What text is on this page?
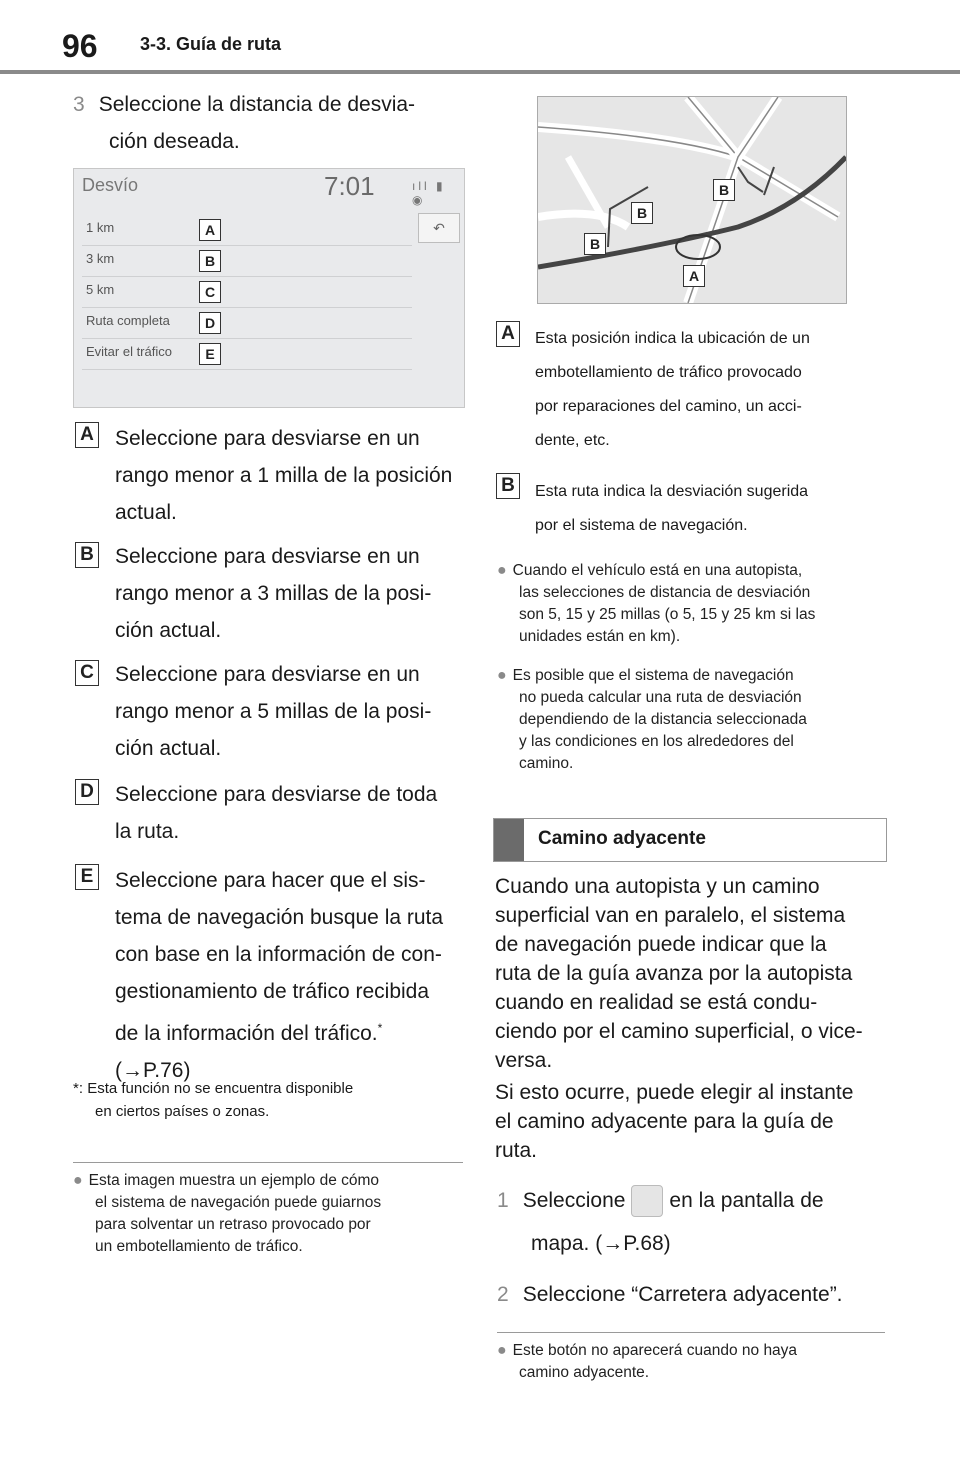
96 3-3. Guía de ruta
3 Seleccione la distancia de desvia-
ción deseada.
Desvío	7:01	ıll ▮ ◉
↶
1 km	A
3 km	B
5 km	C
Ruta completa	D
Evitar el tráfico	E
A Seleccione para desviarse en un
rango menor a 1 milla de la posición
actual.
B Seleccione para desviarse en un
rango menor a 3 millas de la posi-
ción actual.
C Seleccione para desviarse en un
rango menor a 5 millas de la posi-
ción actual.
D Seleccione para desviarse de toda
la ruta.
E Seleccione para hacer que el sis-
tema de navegación busque la ruta
con base en la información de con-
gestionamiento de tráfico recibida
de la información del tráfico.*
(→P.76)
*: Esta función no se encuentra disponible
en ciertos países o zonas.
● Esta imagen muestra un ejemplo de cómo
el sistema de navegación puede guiarnos
para solventar un retraso provocado por
un embotellamiento de tráfico.
B
B
B
A
A	Esta posición indica la ubicación de un
embotellamiento de tráfico provocado
por reparaciones del camino, un acci-
dente, etc.
B	Esta ruta indica la desviación sugerida
por el sistema de navegación.
● Cuando el vehículo está en una autopista,
las selecciones de distancia de desviación
son 5, 15 y 25 millas (o 5, 15 y 25 km si las
unidades están en km).
● Es posible que el sistema de navegación
no pueda calcular una ruta de desviación
dependiendo de la distancia seleccionada
y las condiciones en los alrededores del
camino.
Camino adyacente
Cuando una autopista y un camino
superficial van en paralelo, el sistema
de navegación puede indicar que la
ruta de la guía avanza por la autopista
cuando en realidad se está condu-
ciendo por el camino superficial, o vice-
versa.
Si esto ocurre, puede elegir al instante
el camino adyacente para la guía de
ruta.
1 Seleccione en la pantalla de
mapa. (→P.68)
2 Seleccione “Carretera adyacente”.
● Este botón no aparecerá cuando no haya
camino adyacente.
